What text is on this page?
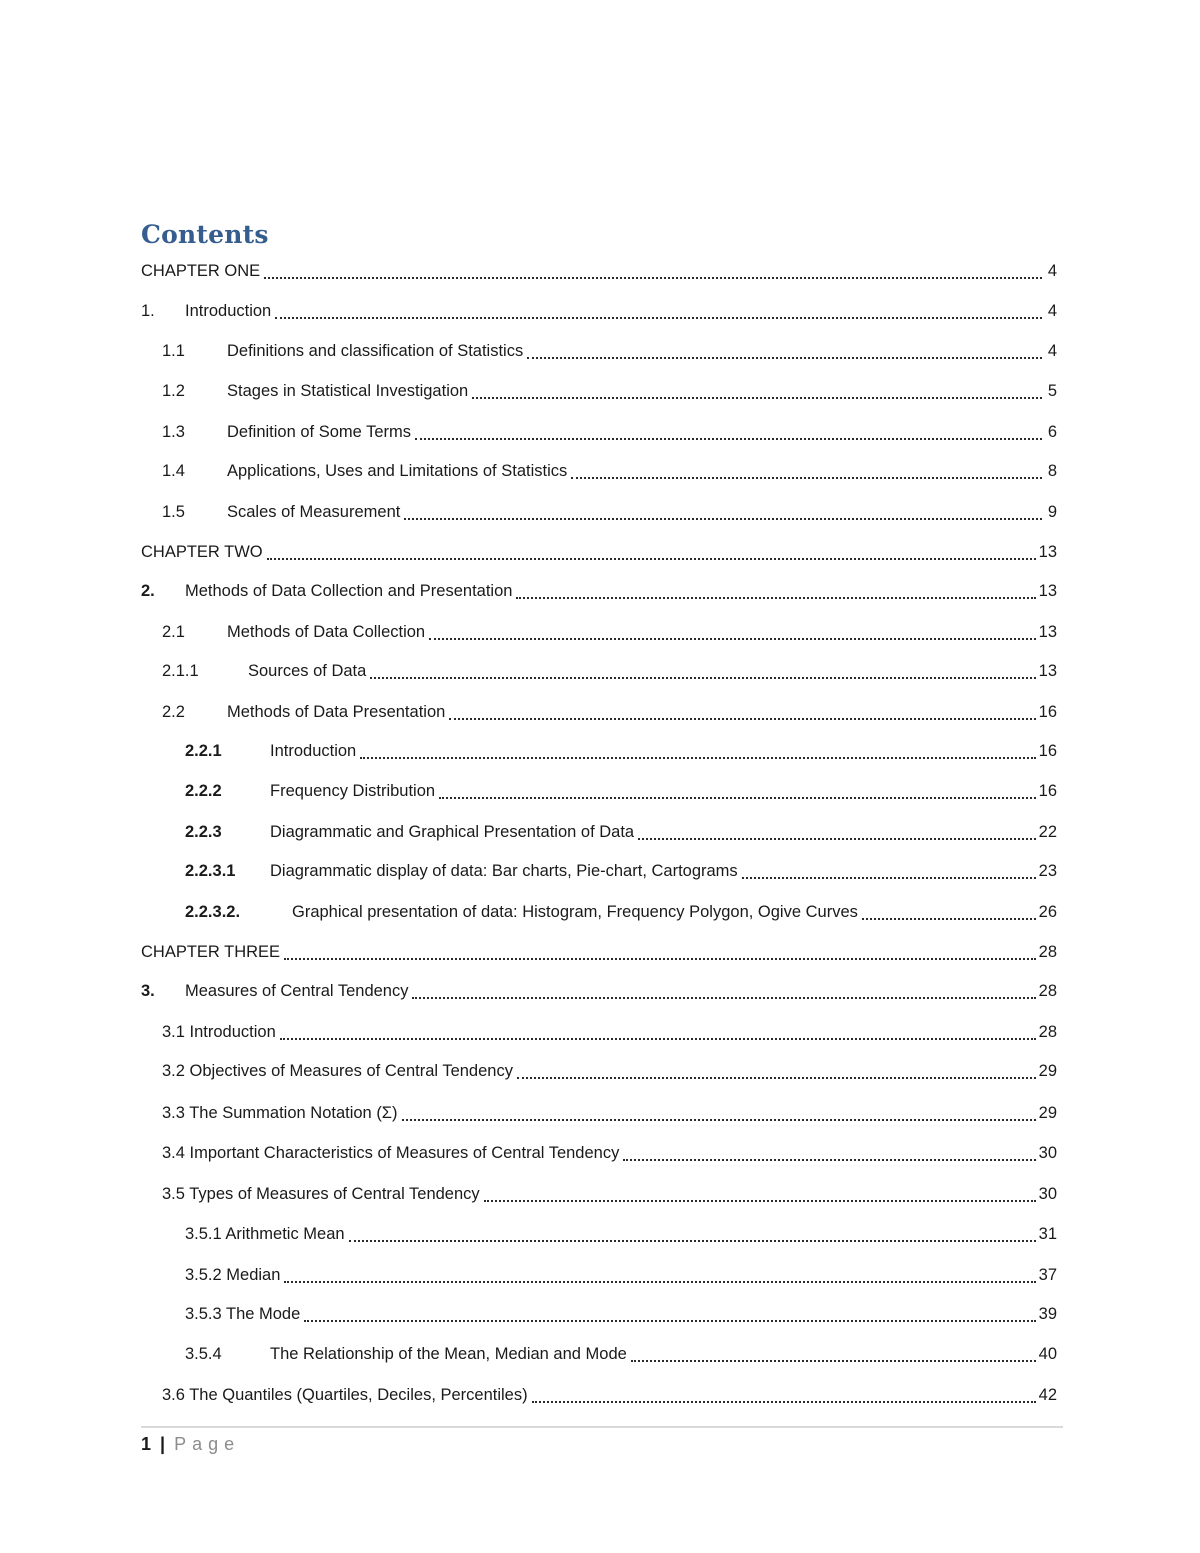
Contents
CHAPTER ONE	4
1.	Introduction	4
1.1	Definitions and classification of Statistics	4
1.2	Stages in Statistical Investigation	5
1.3	Definition of Some Terms	6
1.4	Applications, Uses and Limitations of Statistics	8
1.5	Scales of Measurement	9
CHAPTER TWO	13
2.	Methods of Data Collection and Presentation	13
2.1	Methods of Data Collection	13
2.1.1	Sources of Data	13
2.2	Methods of Data Presentation	16
2.2.1	Introduction	16
2.2.2	Frequency Distribution	16
2.2.3	Diagrammatic and Graphical Presentation of Data	22
2.2.3.1	Diagrammatic display of data: Bar charts, Pie-chart, Cartograms	23
2.2.3.2.	Graphical presentation of data: Histogram, Frequency Polygon, Ogive Curves	26
CHAPTER THREE	28
3.	Measures of Central Tendency	28
3.1 Introduction	28
3.2 Objectives of Measures of Central Tendency	29
3.3 The Summation Notation (Σ)	29
3.4 Important Characteristics of Measures of Central Tendency	30
3.5 Types of Measures of Central Tendency	30
3.5.1 Arithmetic Mean	31
3.5.2 Median	37
3.5.3 The Mode	39
3.5.4	The Relationship of the Mean, Median and Mode	40
3.6 The Quantiles (Quartiles, Deciles, Percentiles)	42
1 | Page
